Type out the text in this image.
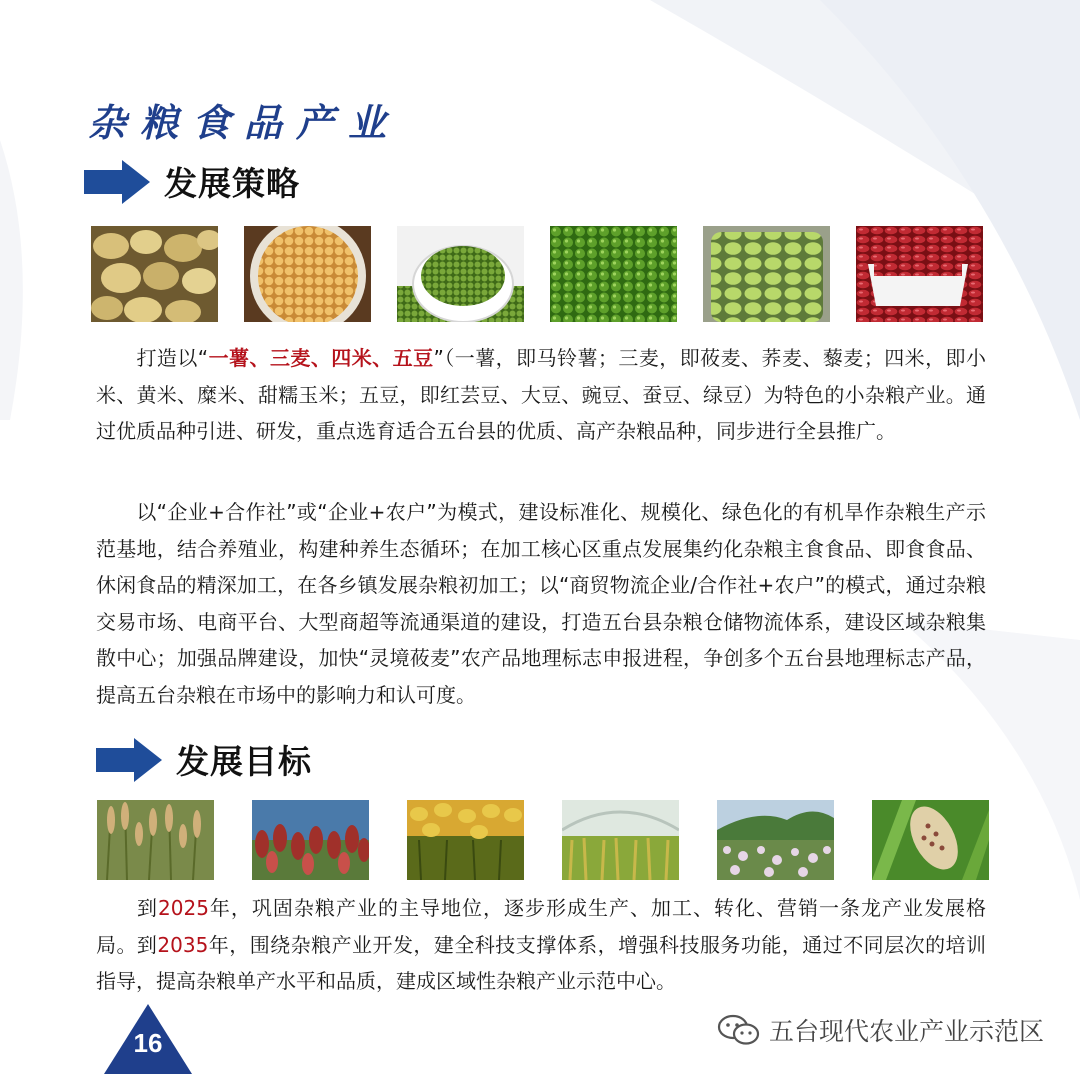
杂粮食品产业
发展策略

打造以“一薯、三麦、四米、五豆”（一薯，即马铃薯；三麦，即莜麦、荞麦、藜麦；四米，即小米、黄米、糜米、甜糯玉米；五豆，即红芸豆、大豆、豌豆、蚕豆、绿豆）为特色的小杂粮产业。通过优质品种引进、研发，重点选育适合五台县的优质、高产杂粮品种，同步进行全县推广。

以“企业+合作社”或“企业+农户”为模式，建设标准化、规模化、绿色化的有机旱作杂粮生产示范基地，结合养殖业，构建种养生态循环；在加工核心区重点发展集约化杂粮主食食品、即食食品、休闲食品的精深加工，在各乡镇发展杂粮初加工；以“商贸物流企业/合作社+农户”的模式，通过杂粮交易市场、电商平台、大型商超等流通渠道的建设，打造五台县杂粮仓储物流体系，建设区域杂粮集散中心；加强品牌建设，加快“灵境莜麦”农产品地理标志申报进程，争创多个五台县地理标志产品，提高五台杂粮在市场中的影响力和认可度。

发展目标

到2025年，巩固杂粮产业的主导地位，逐步形成生产、加工、转化、营销一条龙产业发展格局。到2035年，围绕杂粮产业开发，建全科技支撑体系，增强科技服务功能，通过不同层次的培训指导，提高杂粮单产水平和品质，建成区域性杂粮产业示范中心。

16	五台现代农业产业示范区
